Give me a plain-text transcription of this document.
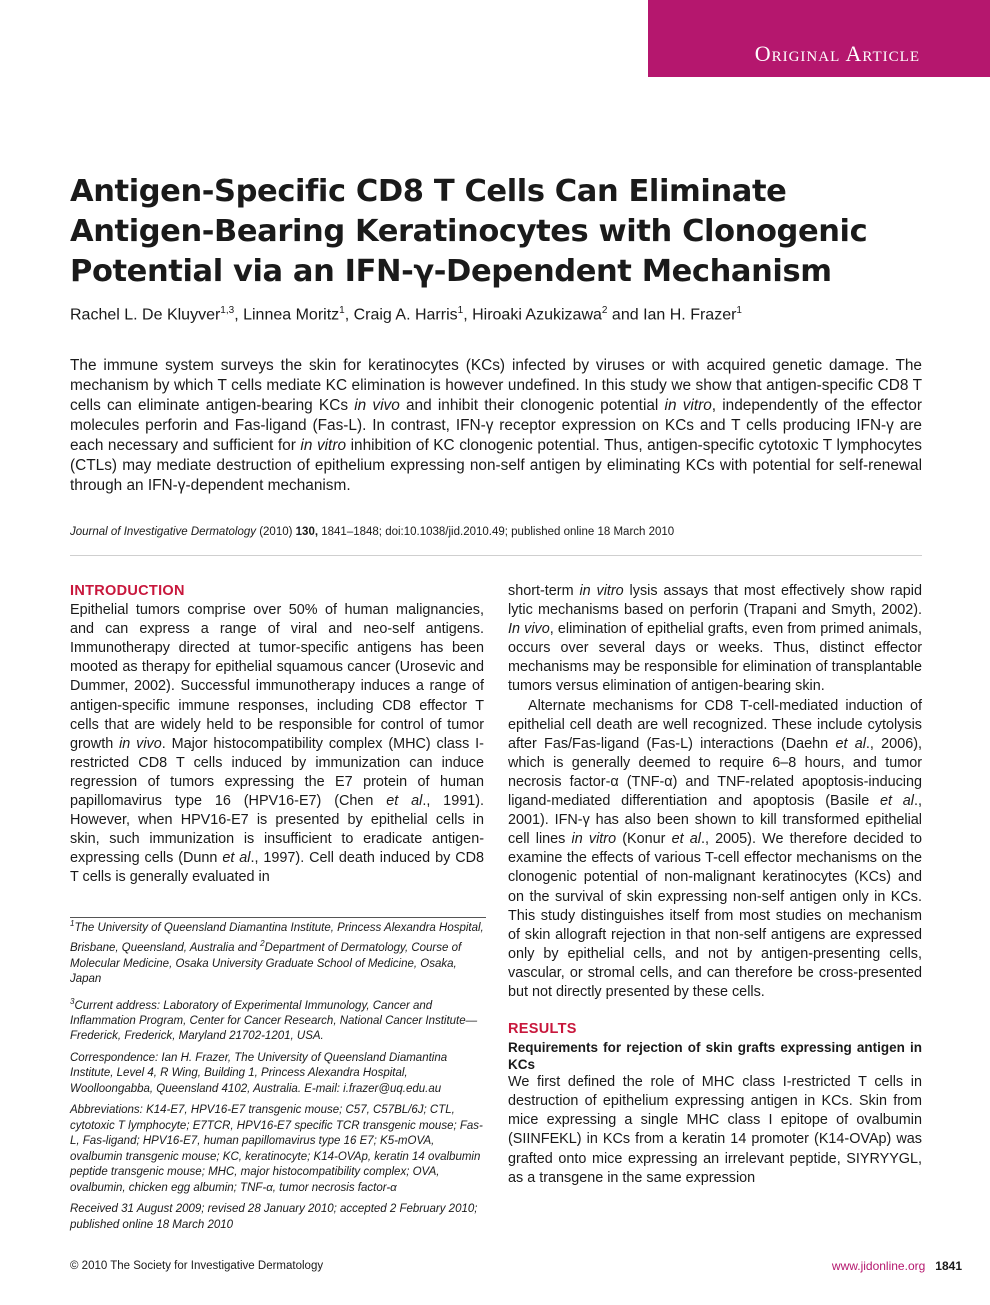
Original Article
Antigen-Specific CD8 T Cells Can Eliminate
Antigen-Bearing Keratinocytes with Clonogenic
Potential via an IFN-γ-Dependent Mechanism
Rachel L. De Kluyver$^{1,3}$, Linnea Moritz$^1$, Craig A. Harris$^1$, Hiroaki Azukizawa$^2$ and Ian H. Frazer$^1$
The immune system surveys the skin for keratinocytes (KCs) infected by viruses or with acquired genetic damage. The mechanism by which T cells mediate KC elimination is however undefined. In this study we show that antigen-specific CD8 T cells can eliminate antigen-bearing KCs in vivo and inhibit their clonogenic potential in vitro, independently of the effector molecules perforin and Fas-ligand (Fas-L). In contrast, IFN-γ receptor expression on KCs and T cells producing IFN-γ are each necessary and sufficient for in vitro inhibition of KC clonogenic potential. Thus, antigen-specific cytotoxic T lymphocytes (CTLs) may mediate destruction of epithelium expressing non-self antigen by eliminating KCs with potential for self-renewal through an IFN-γ-dependent mechanism.
Journal of Investigative Dermatology (2010) 130, 1841–1848; doi:10.1038/jid.2010.49; published online 18 March 2010

INTRODUCTION

Epithelial tumors comprise over 50% of human malignancies, and can express a range of viral and neo-self antigens. Immunotherapy directed at tumor-specific antigens has been mooted as therapy for epithelial squamous cancer (Urosevic and Dummer, 2002). Successful immunotherapy induces a range of antigen-specific immune responses, including CD8 effector T cells that are widely held to be responsible for control of tumor growth in vivo. Major histocompatibility complex (MHC) class I-restricted CD8 T cells induced by immunization can induce regression of tumors expressing the E7 protein of human papillomavirus type 16 (HPV16-E7) (Chen et al., 1991). However, when HPV16-E7 is presented by epithelial cells in skin, such immunization is insufficient to eradicate antigen-expressing cells (Dunn et al., 1997). Cell death induced by CD8 T cells is generally evaluated in

$^1$The University of Queensland Diamantina Institute, Princess Alexandra Hospital, Brisbane, Queensland, Australia and $^2$Department of Dermatology, Course of Molecular Medicine, Osaka University Graduate School of Medicine, Osaka, Japan

$^3$Current address: Laboratory of Experimental Immunology, Cancer and Inflammation Program, Center for Cancer Research, National Cancer Institute—Frederick, Frederick, Maryland 21702-1201, USA.

Correspondence: Ian H. Frazer, The University of Queensland Diamantina Institute, Level 4, R Wing, Building 1, Princess Alexandra Hospital, Woolloongabba, Queensland 4102, Australia. E-mail: i.frazer@uq.edu.au

Abbreviations: K14-E7, HPV16-E7 transgenic mouse; C57, C57BL/6J; CTL, cytotoxic T lymphocyte; E7TCR, HPV16-E7 specific TCR transgenic mouse; Fas-L, Fas-ligand; HPV16-E7, human papillomavirus type 16 E7; K5-mOVA, ovalbumin transgenic mouse; KC, keratinocyte; K14-OVAp, keratin 14 ovalbumin peptide transgenic mouse; MHC, major histocompatibility complex; OVA, ovalbumin, chicken egg albumin; TNF-α, tumor necrosis factor-α

Received 31 August 2009; revised 28 January 2010; accepted 2 February 2010; published online 18 March 2010

short-term in vitro lysis assays that most effectively show rapid lytic mechanisms based on perforin (Trapani and Smyth, 2002). In vivo, elimination of epithelial grafts, even from primed animals, occurs over several days or weeks. Thus, distinct effector mechanisms may be responsible for elimination of transplantable tumors versus elimination of antigen-bearing skin.

Alternate mechanisms for CD8 T-cell-mediated induction of epithelial cell death are well recognized. These include cytolysis after Fas/Fas-ligand (Fas-L) interactions (Daehn et al., 2006), which is generally deemed to require 6–8 hours, and tumor necrosis factor-α (TNF-α) and TNF-related apoptosis-inducing ligand-mediated differentiation and apoptosis (Basile et al., 2001). IFN-γ has also been shown to kill transformed epithelial cell lines in vitro (Konur et al., 2005). We therefore decided to examine the effects of various T-cell effector mechanisms on the clonogenic potential of non-malignant keratinocytes (KCs) and on the survival of skin expressing non-self antigen only in KCs. This study distinguishes itself from most studies on mechanism of skin allograft rejection in that non-self antigens are expressed only by epithelial cells, and not by antigen-presenting cells, vascular, or stromal cells, and can therefore be cross-presented but not directly presented by these cells.

RESULTS

Requirements for rejection of skin grafts expressing antigen in KCs

We first defined the role of MHC class I-restricted T cells in destruction of epithelium expressing antigen in KCs. Skin from mice expressing a single MHC class I epitope of ovalbumin (SIINFEKL) in KCs from a keratin 14 promoter (K14-OVAp) was grafted onto mice expressing an irrelevant peptide, SIYRYYGL, as a transgene in the same expression

© 2010 The Society for Investigative Dermatology	www.jidonline.org 1841
